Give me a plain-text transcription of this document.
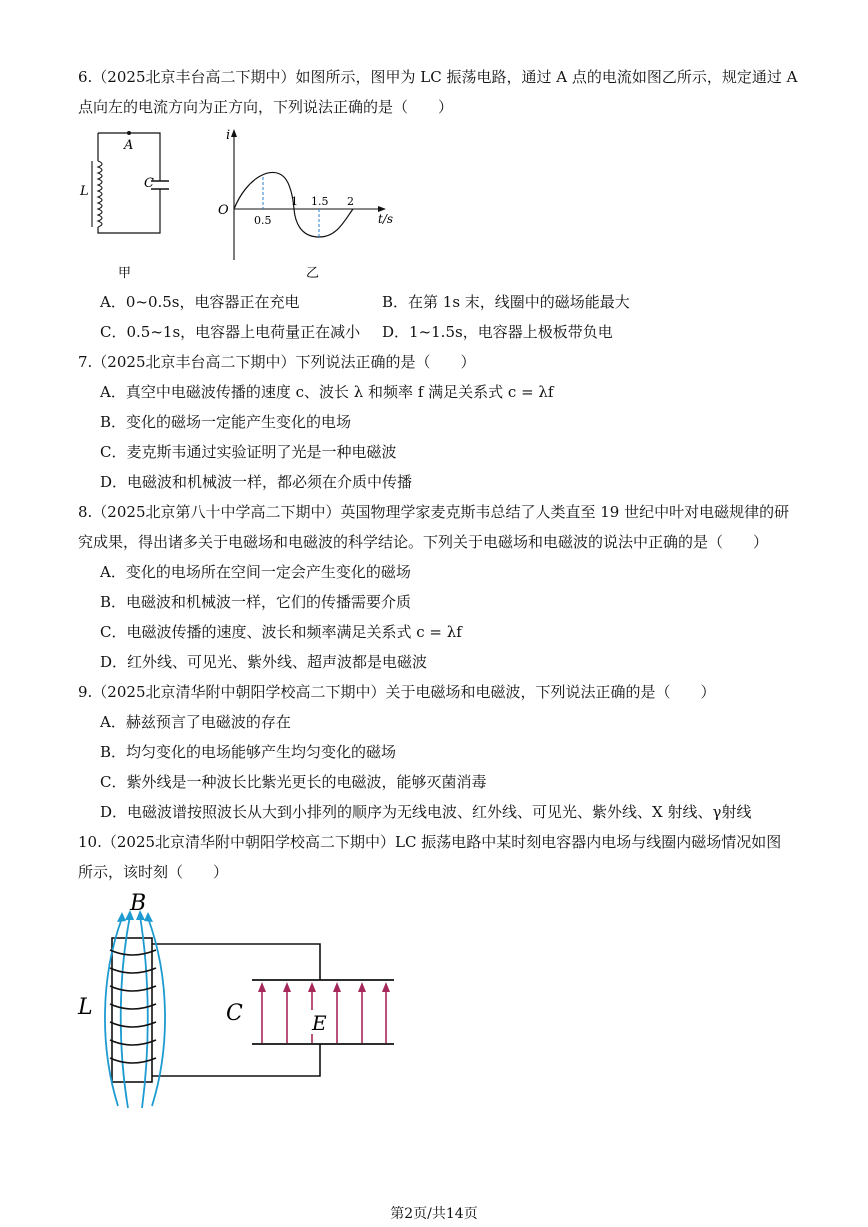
6.（2025北京丰台高二下期中）如图所示，图甲为 LC 振荡电路，通过 A 点的电流如图乙所示，规定通过 A
点向左的电流方向为正方向，下列说法正确的是（　　）
A
L
C
甲
i
O
0.5
1 1.5 2
t/s
乙
A．0~0.5s，电容器正在充电	B．在第 1s 末，线圈中的磁场能最大
C．0.5~1s，电容器上电荷量正在减小 D．1~1.5s，电容器上极板带负电
7.（2025北京丰台高二下期中）下列说法正确的是（　　）
A．真空中电磁波传播的速度 c、波长 λ 和频率 f 满足关系式 c = λf
B．变化的磁场一定能产生变化的电场
C．麦克斯韦通过实验证明了光是一种电磁波
D．电磁波和机械波一样，都必须在介质中传播
8.（2025北京第八十中学高二下期中）英国物理学家麦克斯韦总结了人类直至 19 世纪中叶对电磁规律的研
究成果，得出诸多关于电磁场和电磁波的科学结论。下列关于电磁场和电磁波的说法中正确的是（　　）
A．变化的电场所在空间一定会产生变化的磁场
B．电磁波和机械波一样，它们的传播需要介质
C．电磁波传播的速度、波长和频率满足关系式 c = λf
D．红外线、可见光、紫外线、超声波都是电磁波
9.（2025北京清华附中朝阳学校高二下期中）关于电磁场和电磁波，下列说法正确的是（　　）
A．赫兹预言了电磁波的存在
B．均匀变化的电场能够产生均匀变化的磁场
C．紫外线是一种波长比紫光更长的电磁波，能够灭菌消毒
D．电磁波谱按照波长从大到小排列的顺序为无线电波、红外线、可见光、紫外线、X 射线、γ射线
10.（2025北京清华附中朝阳学校高二下期中）LC 振荡电路中某时刻电容器内电场与线圈内磁场情况如图
所示，该时刻（　　）
B
L	C	E
第2页/共14页
